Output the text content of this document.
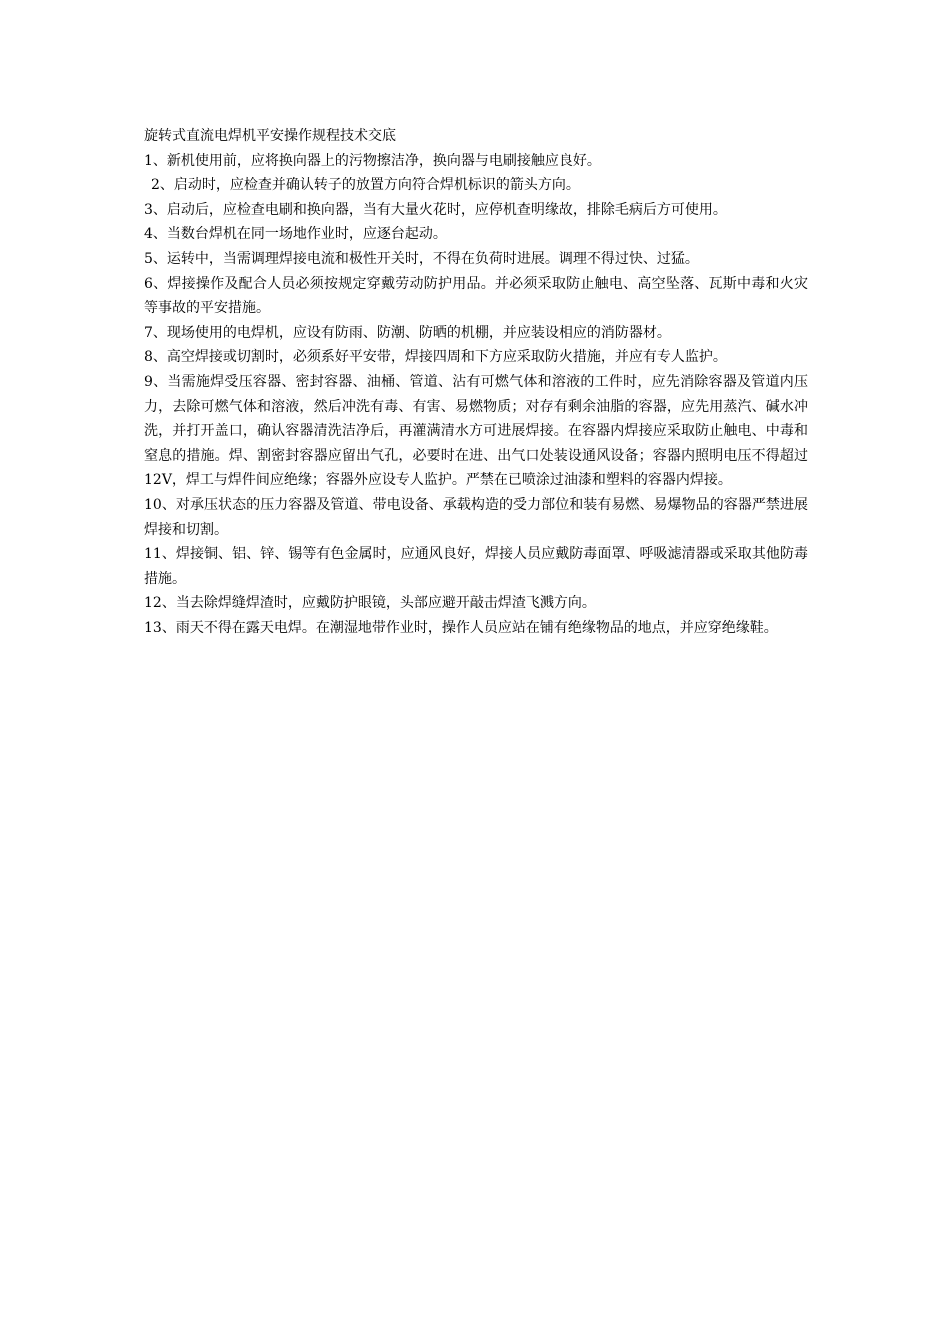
旋转式直流电焊机平安操作规程技术交底

1、新机使用前，应将换向器上的污物擦洁净，换向器与电刷接触应良好。

2、启动时，应检查并确认转子的放置方向符合焊机标识的箭头方向。

3、启动后，应检查电刷和换向器，当有大量火花时，应停机查明缘故，排除毛病后方可使用。

4、当数台焊机在同一场地作业时，应逐台起动。

5、运转中，当需调理焊接电流和极性开关时，不得在负荷时进展。调理不得过快、过猛。

6、焊接操作及配合人员必须按规定穿戴劳动防护用品。并必须采取防止触电、高空坠落、瓦斯中毒和火灾等事故的平安措施。

7、现场使用的电焊机，应设有防雨、防潮、防晒的机棚，并应装设相应的消防器材。

8、高空焊接或切割时，必须系好平安带，焊接四周和下方应采取防火措施，并应有专人监护。

9、当需施焊受压容器、密封容器、油桶、管道、沾有可燃气体和溶液的工件时，应先消除容器及管道内压力，去除可燃气体和溶液，然后冲洗有毒、有害、易燃物质；对存有剩余油脂的容器，应先用蒸汽、碱水冲洗，并打开盖口，确认容器清洗洁净后，再灌满清水方可进展焊接。在容器内焊接应采取防止触电、中毒和窒息的措施。焊、割密封容器应留出气孔，必要时在进、出气口处装设通风设备；容器内照明电压不得超过 12V，焊工与焊件间应绝缘；容器外应设专人监护。严禁在已喷涂过油漆和塑料的容器内焊接。

10、对承压状态的压力容器及管道、带电设备、承载构造的受力部位和装有易燃、易爆物品的容器严禁进展焊接和切割。

11、焊接铜、铝、锌、锡等有色金属时，应通风良好，焊接人员应戴防毒面罩、呼吸滤清器或采取其他防毒措施。

12、当去除焊缝焊渣时，应戴防护眼镜，头部应避开敲击焊渣飞溅方向。

13、雨天不得在露天电焊。在潮湿地带作业时，操作人员应站在铺有绝缘物品的地点，并应穿绝缘鞋。
